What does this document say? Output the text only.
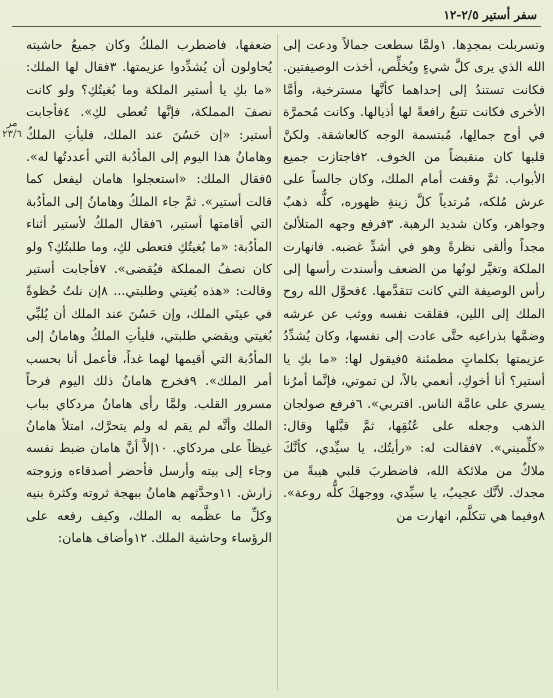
سفر أستير ٢/٥-١٢
مر ٢٣/٦

وتسربلت بمجدِها. ١ولمَّا سطعت جمالاً ودعت إلى الله الذي يرى كلَّ شيءٍ ويُخلِّص، أخذت الوصيفتين. فكانت تستندُ إلى إحداهما كأنَّها مسترخية، وأمَّا الأخرى فكانت تتبعُ رافعةً لها أذيالها. وكانت مُحمرَّة في أوج جمالِها، مُبتسمة الوجه كالعاشقة. ولكنَّ قلبها كان منقبضاً من الخوف. ٢فاجتازت جميع الأبواب. ثمَّ وقفت أمام الملك، وكان جالساً على عرش مُلكه، مُرتدياً كلَّ زينةِ ظهوره، كلُّه ذهبٌ وجواهر، وكان شديد الرهبة. ٣فرفع وجهه المتلألئ مجداً وألقى نظرةً وهو في أشدِّ غضبه. فانهارت الملكة وتغيَّر لونُها من الضعف وأسندت رأسها إلى رأس الوصيفة التي كانت تتقدَّمها. ٤فحوَّل الله روح الملك إلى اللين، فقلقت نفسه ووثب عن عرشه وضمَّها بذراعيه حتَّى عادت إلى نفسها، وكان يُشدِّدُ عزيمتها بكلماتٍ مطمئنة ٥فيقول لها: «ما بكِ يا أستير؟ أنا أخوكِ، أنعمي بالاً، لن تموتي، فإنَّما أمرُنا يسري على عامَّة الناس. اقتربي». ٦فرفع صولجان الذهب وجعله على عُنُقِها، ثمَّ قبَّلها وقال: «كلِّميني». ٧فقالت له: «رأيتُك، يا سيِّدي، كأنَّكَ ملاكٌ من ملائكة الله، فاضطربَ قلبي هيبةً من مجدك. لأنَّك عجيبٌ، يا سيِّدي، ووجهكَ كلُّه روعة». ٨وفيما هي تتكلَّم، انهارت من

ضعفها، فاضطرب الملكُ وكان جميعُ حاشيته يُحاولون أن يُشدِّدوا عزيمتها. ٣فقال لها الملك: «ما بكِ يا أستير الملكة وما بُغيتُكِ؟ ولو كانت نصفَ المملكة، فإنَّها تُعطى لكِ». ٤فأجابت أستير: «إن حَسُنَ عند الملك، فليأتِ الملكُ وهامانُ هذا اليوم إلى المأدُبة التي أعددتُها له». ٥فقال الملك: «استعجلوا هامان ليفعل كما قالت أستير». ثمَّ جاء الملكُ وهامانُ إلى المأدُبة التي أقامتها أستير، ٦فقال الملكُ لأستير أثناء المأدُبة: «ما بُغيتُكِ فتعطى لكِ، وما طلبتُكِ؟ ولو كان نصفُ المملكة فيُقضى». ٧فأجابت أستير وقالت: «هذه بُغيتي وطلبتي... ٨إن نلتُ حُظوةً في عينَي الملك، وإن حَسُنَ عند الملك أن يُلبِّي بُغيتي ويقضي طلبتي، فليأتِ الملكُ وهامانُ إلى المأدُبة التي أقيمها لهما غداً، فأعمل أنا بحسب أمر الملك». ٩فخرج هامانُ ذلك اليوم فرحاً مسرور القلب. ولمَّا رأى هامانُ مردكاي بباب الملك وأنَّه لم يقم له ولم يتحرَّك، امتلأ هامانُ غيظاً على مردكاي. ١٠إلاَّ أنَّ هامان ضبط نفسه وجاء إلى بيته وأرسل فأحضر أصدقاءه وزوجته زارش. ١١وحدَّثهم هامانُ ببهجة ثروته وكثرة بنيه وكلِّ ما عظَّمه به الملك، وكيف رفعه على الرؤساء وحاشية الملك. ١٢وأضاف هامان:
